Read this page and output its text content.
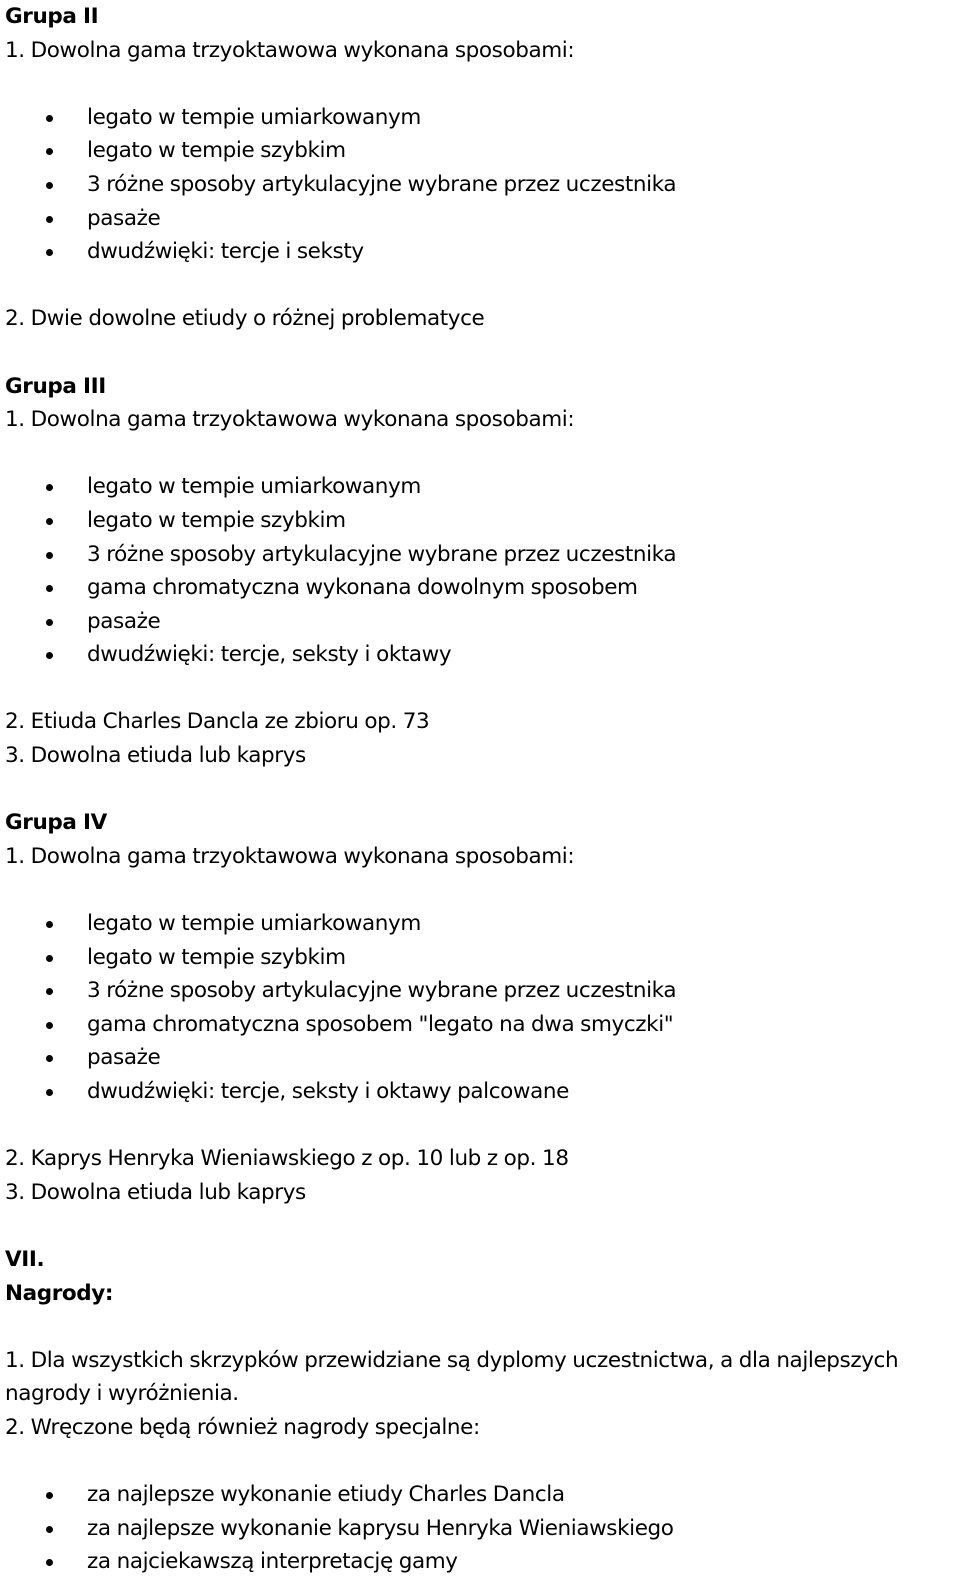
Grupa II
1. Dowolna gama trzyoktawowa wykonana sposobami:
legato w tempie umiarkowanym
legato w tempie szybkim
3 różne sposoby artykulacyjne wybrane przez uczestnika
pasaże
dwudźwięki: tercje i seksty
2. Dwie dowolne etiudy o różnej problematyce
Grupa III
1. Dowolna gama trzyoktawowa wykonana sposobami:
legato w tempie umiarkowanym
legato w tempie szybkim
3 różne sposoby artykulacyjne wybrane przez uczestnika
gama chromatyczna wykonana dowolnym sposobem
pasaże
dwudźwięki: tercje, seksty i oktawy
2. Etiuda Charles Dancla ze zbioru op. 73
3. Dowolna etiuda lub kaprys
Grupa IV
1. Dowolna gama trzyoktawowa wykonana sposobami:
legato w tempie umiarkowanym
legato w tempie szybkim
3 różne sposoby artykulacyjne wybrane przez uczestnika
gama chromatyczna sposobem "legato na dwa smyczki"
pasaże
dwudźwięki: tercje, seksty i oktawy palcowane
2. Kaprys Henryka Wieniawskiego z op. 10 lub z op. 18
3. Dowolna etiuda lub kaprys
VII.
Nagrody:
1. Dla wszystkich skrzypków przewidziane są dyplomy uczestnictwa, a dla najlepszych nagrody i wyróżnienia.
2. Wręczone będą również nagrody specjalne:
za najlepsze wykonanie etiudy Charles Dancla
za najlepsze wykonanie kaprysu Henryka Wieniawskiego
za najciekawszą interpretację gamy
